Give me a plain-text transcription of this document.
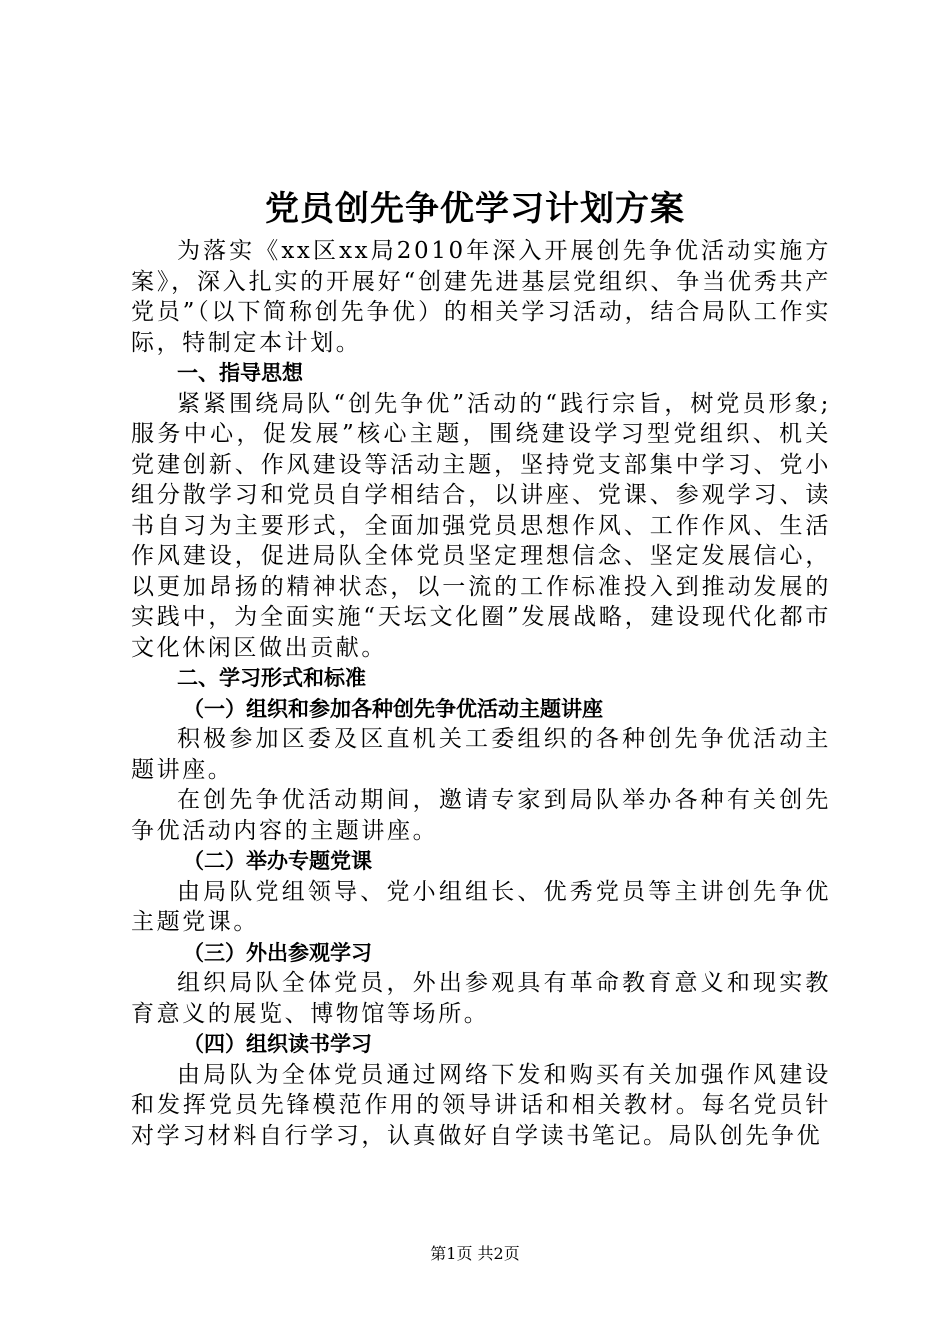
党员创先争优学习计划方案

为落实《xx区xx局2010年深入开展创先争优活动实施方案》，深入扎实的开展好“创建先进基层党组织、争当优秀共产党员”（以下简称创先争优）的相关学习活动，结合局队工作实际，特制定本计划。

一、指导思想

紧紧围绕局队“创先争优”活动的“践行宗旨，树党员形象;服务中心，促发展”核心主题，围绕建设学习型党组织、机关党建创新、作风建设等活动主题，坚持党支部集中学习、党小组分散学习和党员自学相结合，以讲座、党课、参观学习、读书自习为主要形式，全面加强党员思想作风、工作作风、生活作风建设，促进局队全体党员坚定理想信念、坚定发展信心，以更加昂扬的精神状态，以一流的工作标准投入到推动发展的实践中，为全面实施“天坛文化圈”发展战略，建设现代化都市文化休闲区做出贡献。

二、学习形式和标准

（一）组织和参加各种创先争优活动主题讲座

积极参加区委及区直机关工委组织的各种创先争优活动主题讲座。

在创先争优活动期间，邀请专家到局队举办各种有关创先争优活动内容的主题讲座。

（二）举办专题党课

由局队党组领导、党小组组长、优秀党员等主讲创先争优主题党课。

（三）外出参观学习

组织局队全体党员，外出参观具有革命教育意义和现实教育意义的展览、博物馆等场所。

（四）组织读书学习

由局队为全体党员通过网络下发和购买有关加强作风建设和发挥党员先锋模范作用的领导讲话和相关教材。每名党员针对学习材料自行学习，认真做好自学读书笔记。局队创先争优

第1页 共2页
